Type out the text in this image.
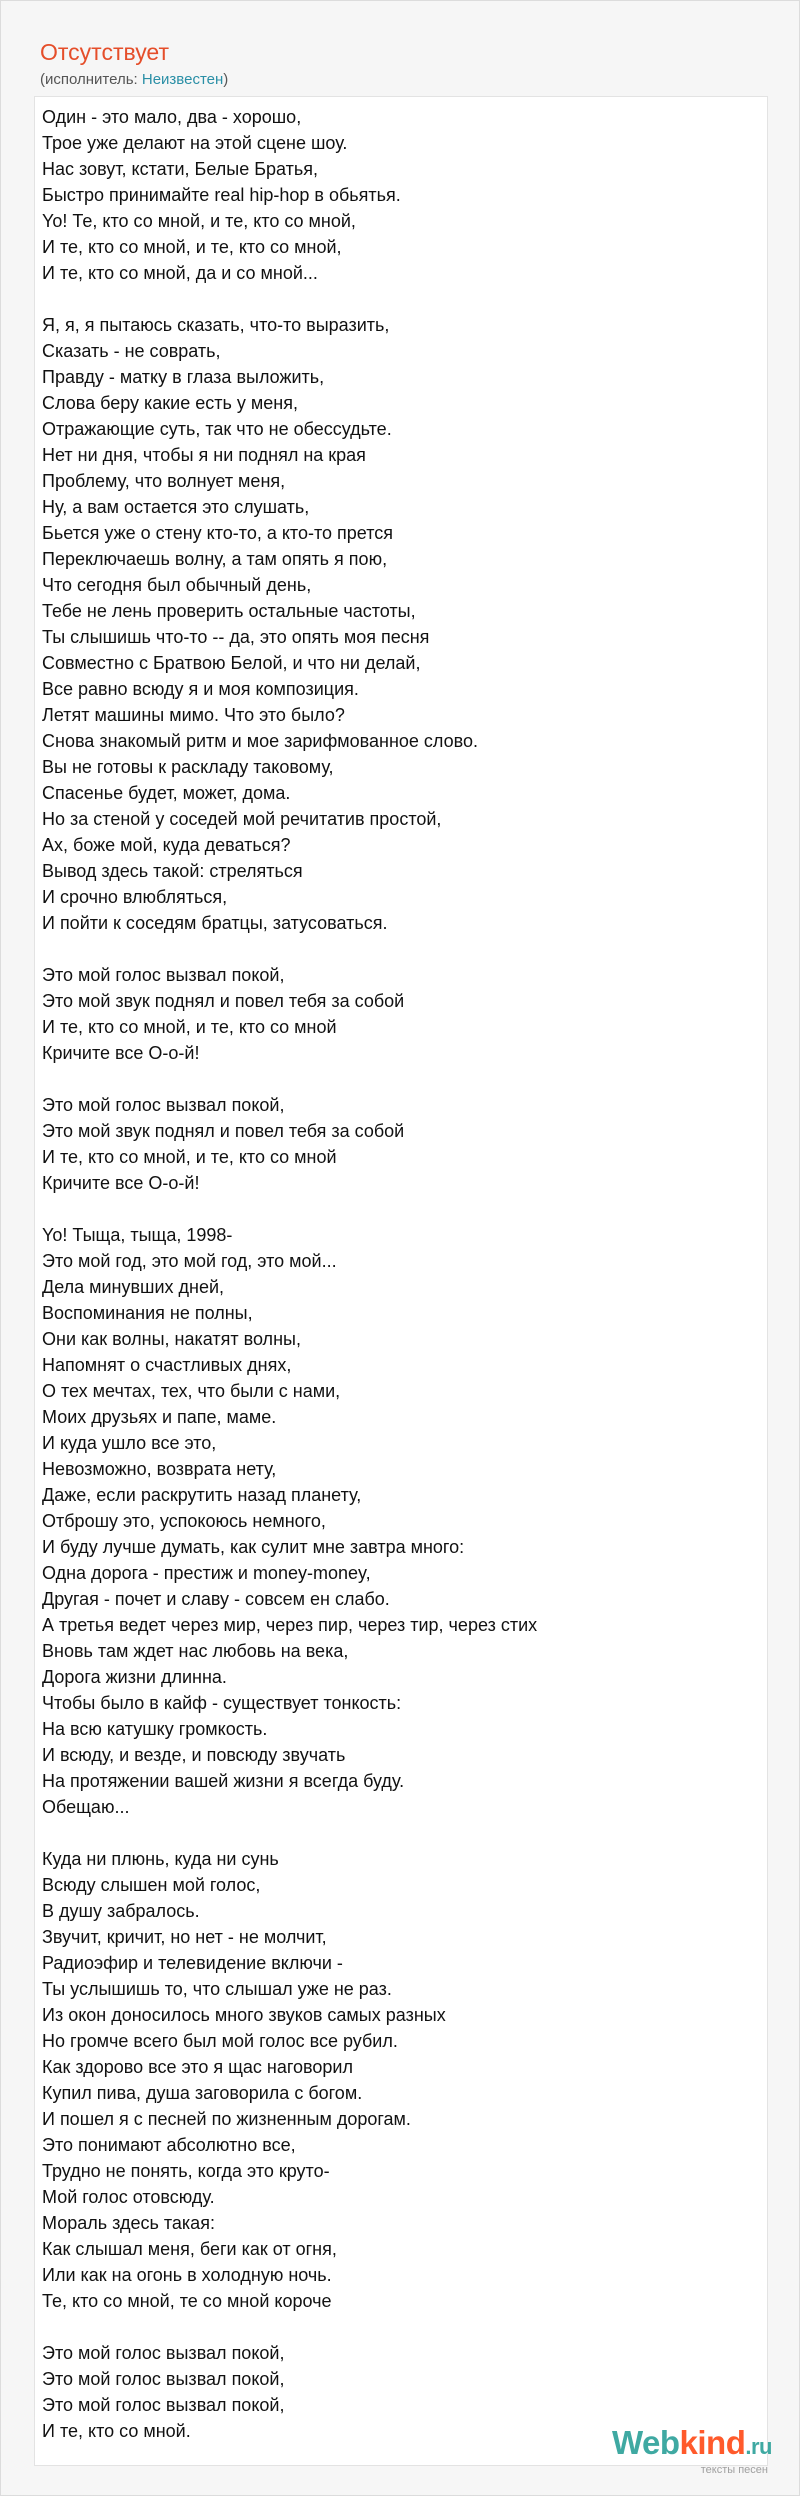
Отсутствует
(исполнитель: Неизвестен)
Один - это мало, два - хорошо,
Трое уже делают на этой сцене шоу.
Нас зовут, кстати, Белые Братья,
Быстро принимайте real hip-hop в обьятья.
Yo! Те, кто со мной, и те, кто со мной,
И те, кто со мной, и те, кто со мной,
И те, кто со мной, да и со мной...
Я, я, я пытаюсь сказать, что-то выразить,
Сказать - не соврать,
Правду - матку в глаза выложить,
Слова беру какие есть у меня,
Отражающие суть, так что не обессудьте.
Нет ни дня, чтобы я ни поднял на края
Проблему, что волнует меня,
Ну, а вам остается это слушать,
Бьется уже о стену кто-то, а кто-то прется
Переключаешь волну, а там опять я пою,
Что сегодня был обычный день,
Тебе не лень проверить остальные частоты,
Ты слышишь что-то -- да, это опять моя песня
Совместно с Братвою Белой, и что ни делай,
Все равно всюду я и моя композиция.
Летят машины мимо. Что это было?
Снова знакомый ритм и мое зарифмованное слово.
Вы не готовы к раскладу таковому,
Спасенье будет, может, дома.
Но за стеной у соседей мой речитатив простой,
Ах, боже мой, куда деваться?
Вывод здесь такой: стреляться
И срочно влюбляться,
И пойти к соседям братцы, затусоваться.
Это мой голос вызвал покой,
Это мой звук поднял и повел тебя за собой
И те, кто со мной, и те, кто со мной
Кричите все О-о-й!
Это мой голос вызвал покой,
Это мой звук поднял и повел тебя за собой
И те, кто со мной, и те, кто со мной
Кричите все О-о-й!
Yo! Тыща, тыща, 1998-
Это мой год, это мой год, это мой...
Дела минувших дней,
Воспоминания не полны,
Они как волны, накатят волны,
Напомнят о счастливых днях,
О тех мечтах, тех, что были с нами,
Моих друзьях и папе, маме.
И куда ушло все это,
Невозможно, возврата нету,
Даже, если раскрутить назад планету,
Отброшу это, успокоюсь немного,
И буду лучше думать, как сулит мне завтра много:
Одна дорога - престиж и money-money,
Другая - почет и славу - совсем ен слабо.
А третья ведет через мир, через пир, через тир, через стих
Вновь там ждет нас любовь на века,
Дорога жизни длинна.
Чтобы было в кайф - существует тонкость:
На всю катушку громкость.
И всюду, и везде, и повсюду звучать
На протяжении вашей жизни я всегда буду.
Обещаю...
Куда ни плюнь, куда ни сунь
Всюду слышен мой голос,
В душу забралось.
Звучит, кричит, но нет - не молчит,
Радиоэфир и телевидение включи -
Ты услышишь то, что слышал уже не раз.
Из окон доносилось много звуков самых разных
Но громче всего был мой голос все рубил.
Как здорово все это я щас наговорил
Купил пива, душа заговорила с богом.
И пошел я с песней по жизненным дорогам.
Это понимают абсолютно все,
Трудно не понять, когда это круто-
Мой голос отовсюду.
Мораль здесь такая:
Как слышал меня, беги как от огня,
Или как на огонь в холодную ночь.
Те, кто со мной, те со мной короче
Это мой голос вызвал покой,
Это мой голос вызвал покой,
Это мой голос вызвал покой,
И те, кто со мной.	Webkind.ru
тексты песен
